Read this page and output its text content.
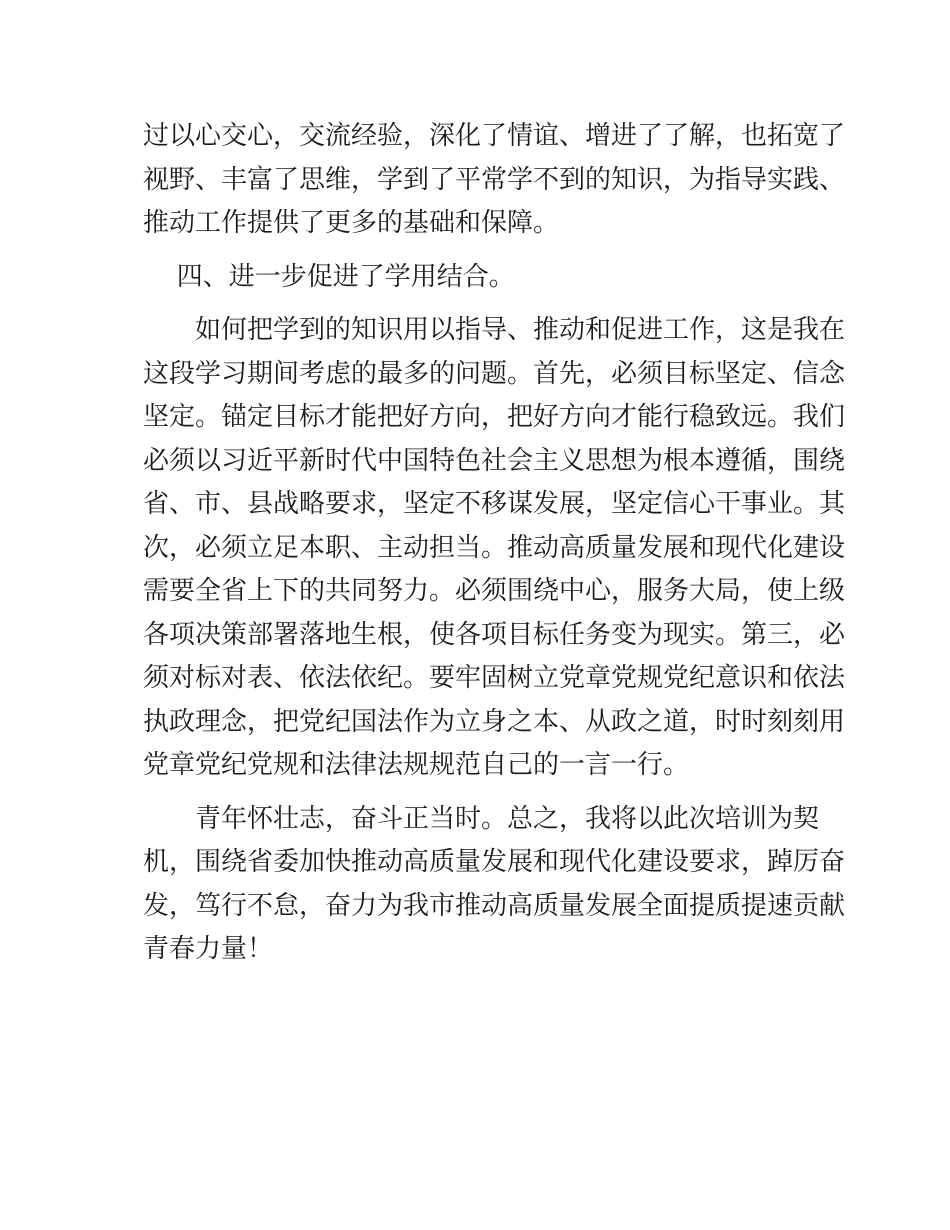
过以心交心，交流经验，深化了情谊、增进了了解，也拓宽了
视野、丰富了思维，学到了平常学不到的知识，为指导实践、
推动工作提供了更多的基础和保障。

四、进一步促进了学用结合。

如何把学到的知识用以指导、推动和促进工作，这是我在
这段学习期间考虑的最多的问题。首先，必须目标坚定、信念
坚定。锚定目标才能把好方向，把好方向才能行稳致远。我们
必须以习近平新时代中国特色社会主义思想为根本遵循，围绕
省、市、县战略要求，坚定不移谋发展，坚定信心干事业。其
次，必须立足本职、主动担当。推动高质量发展和现代化建设
需要全省上下的共同努力。必须围绕中心，服务大局，使上级
各项决策部署落地生根，使各项目标任务变为现实。第三，必
须对标对表、依法依纪。要牢固树立党章党规党纪意识和依法
执政理念，把党纪国法作为立身之本、从政之道，时时刻刻用
党章党纪党规和法律法规规范自己的一言一行。

青年怀壮志，奋斗正当时。总之，我将以此次培训为契
机，围绕省委加快推动高质量发展和现代化建设要求，踔厉奋
发，笃行不怠，奋力为我市推动高质量发展全面提质提速贡献
青春力量！
